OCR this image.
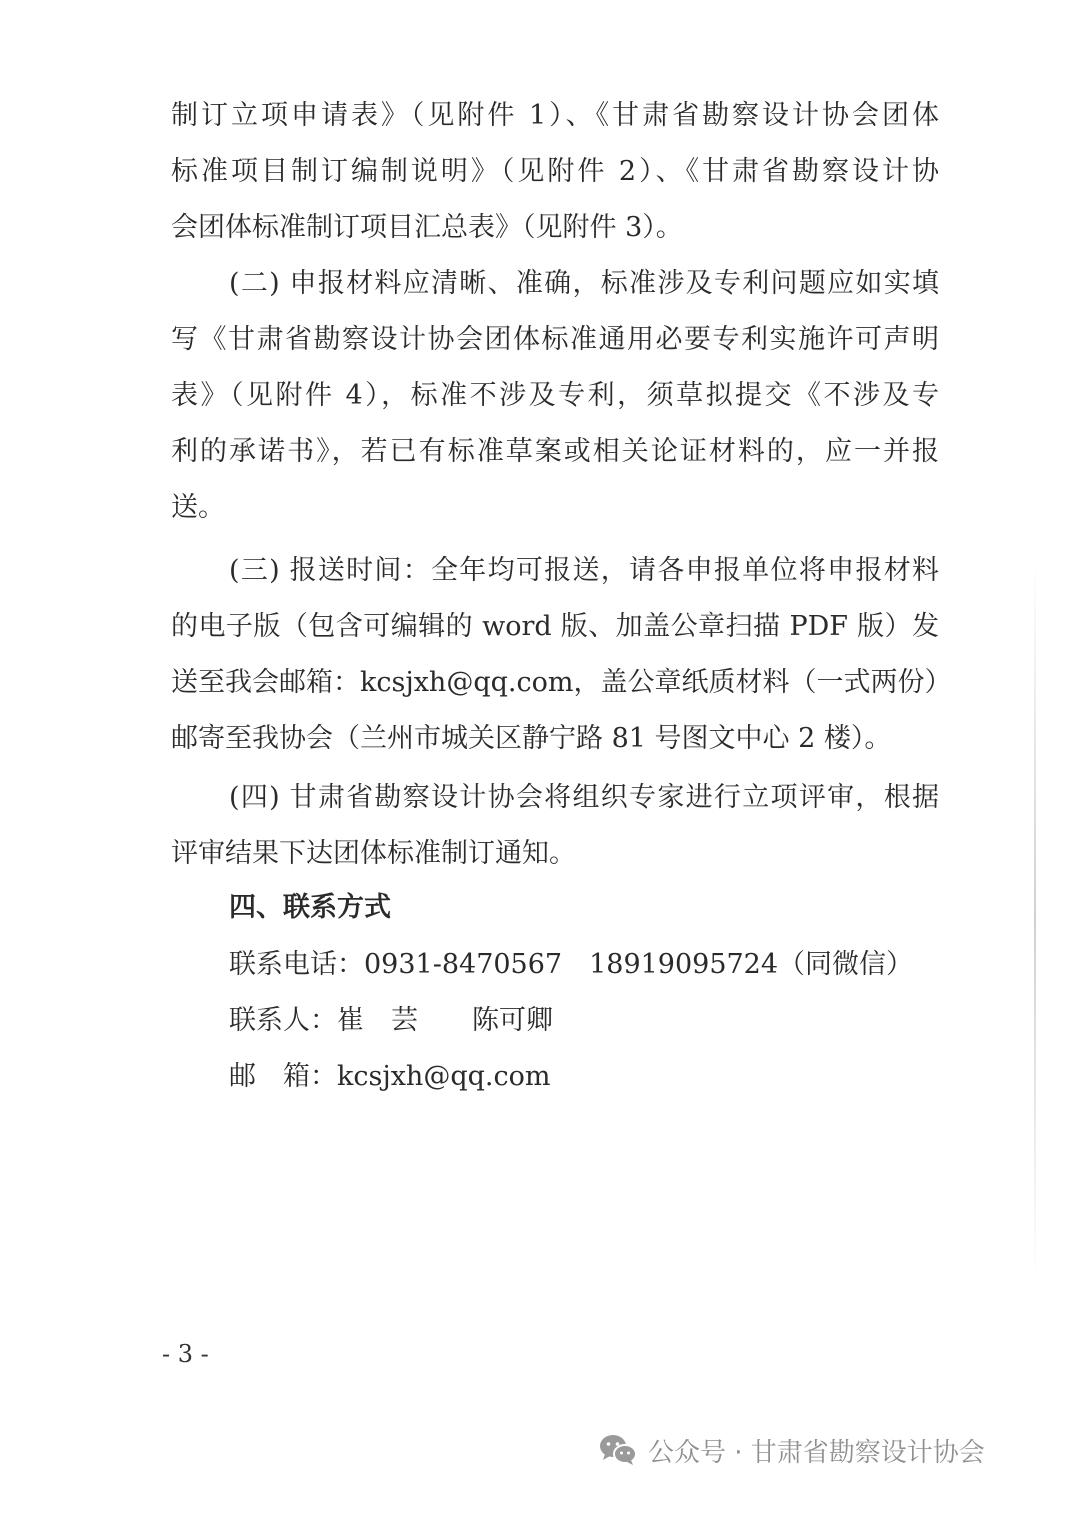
制订立项申请表》（见附件 1）、《甘肃省勘察设计协会团体
标准项目制订编制说明》（见附件 2）、《甘肃省勘察设计协
会团体标准制订项目汇总表》（见附件 3）。
(二) 申报材料应清晰、准确，标准涉及专利问题应如实填
写《甘肃省勘察设计协会团体标准通用必要专利实施许可声明
表》（见附件 4），标准不涉及专利，须草拟提交《不涉及专
利的承诺书》，若已有标准草案或相关论证材料的，应一并报
送。
(三) 报送时间：全年均可报送，请各申报单位将申报材料
的电子版（包含可编辑的 word 版、加盖公章扫描 PDF 版）发
送至我会邮箱：kcsjxh@qq.com，盖公章纸质材料（一式两份）
邮寄至我协会（兰州市城关区静宁路 81 号图文中心 2 楼）。
(四) 甘肃省勘察设计协会将组织专家进行立项评审，根据
评审结果下达团体标准制订通知。
四、联系方式
联系电话：0931-8470567　18919095724（同微信）
联系人：崔　芸　　陈可卿
邮　箱：kcsjxh@qq.com
- 3 -
公众号 · 甘肃省勘察设计协会
